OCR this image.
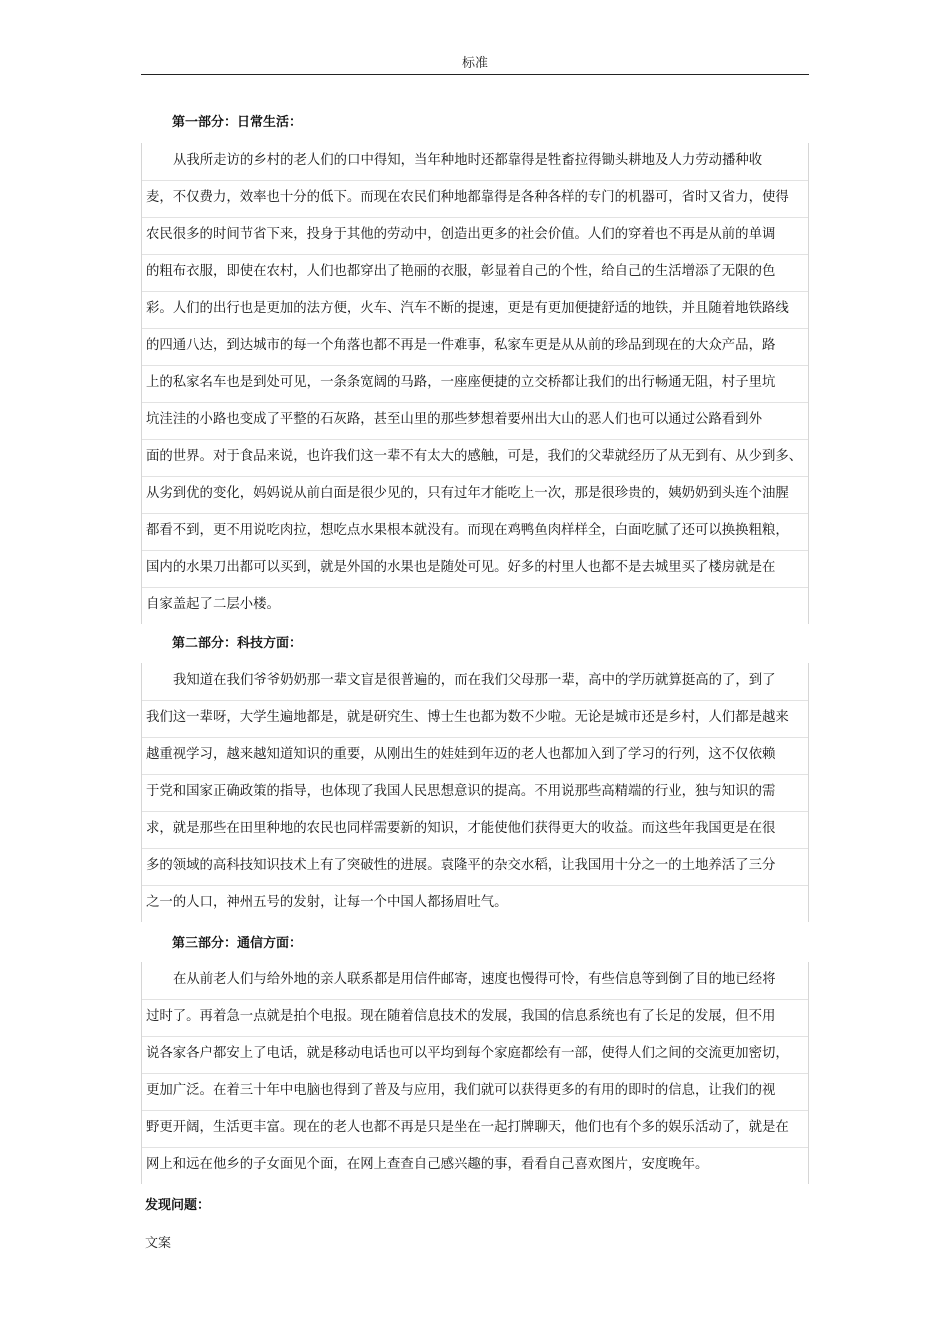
标准
第一部分：日常生活：
从我所走访的乡村的老人们的口中得知，当年种地时还都靠得是牲畜拉得锄头耕地及人力劳动播种收
麦，不仅费力，效率也十分的低下。而现在农民们种地都靠得是各种各样的专门的机器可，省时又省力，使得
农民很多的时间节省下来，投身于其他的劳动中，创造出更多的社会价值。人们的穿着也不再是从前的单调
的粗布衣服，即使在农村，人们也都穿出了艳丽的衣服，彰显着自己的个性，给自己的生活增添了无限的色
彩。人们的出行也是更加的法方便，火车、汽车不断的提速，更是有更加便捷舒适的地铁，并且随着地铁路线
的四通八达，到达城市的每一个角落也都不再是一件难事，私家车更是从从前的珍品到现在的大众产品，路
上的私家名车也是到处可见，一条条宽阔的马路，一座座便捷的立交桥都让我们的出行畅通无阻，村子里坑
坑洼洼的小路也变成了平整的石灰路，甚至山里的那些梦想着要州出大山的恶人们也可以通过公路看到外
面的世界。对于食品来说，也许我们这一辈不有太大的感触，可是，我们的父辈就经历了从无到有、从少到多、
从劣到优的变化，妈妈说从前白面是很少见的，只有过年才能吃上一次，那是很珍贵的，姨奶奶到头连个油腥
都看不到，更不用说吃肉拉，想吃点水果根本就没有。而现在鸡鸭鱼肉样样全，白面吃腻了还可以换换粗粮，
国内的水果刀出都可以买到，就是外国的水果也是随处可见。好多的村里人也都不是去城里买了楼房就是在
自家盖起了二层小楼。
第二部分：科技方面：
我知道在我们爷爷奶奶那一辈文盲是很普遍的，而在我们父母那一辈，高中的学历就算挺高的了，到了
我们这一辈呀，大学生遍地都是，就是研究生、博士生也都为数不少啦。无论是城市还是乡村，人们都是越来
越重视学习，越来越知道知识的重要，从刚出生的娃娃到年迈的老人也都加入到了学习的行列，这不仅依赖
于党和国家正确政策的指导，也体现了我国人民思想意识的提高。不用说那些高精端的行业，独与知识的需
求，就是那些在田里种地的农民也同样需要新的知识，才能使他们获得更大的收益。而这些年我国更是在很
多的领域的高科技知识技术上有了突破性的进展。袁隆平的杂交水稻，让我国用十分之一的土地养活了三分
之一的人口，神州五号的发射，让每一个中国人都扬眉吐气。
第三部分：通信方面：
在从前老人们与给外地的亲人联系都是用信件邮寄，速度也慢得可怜，有些信息等到倒了目的地已经将
过时了。再着急一点就是拍个电报。现在随着信息技术的发展，我国的信息系统也有了长足的发展，但不用
说各家各户都安上了电话，就是移动电话也可以平均到每个家庭都绘有一部，使得人们之间的交流更加密切，
更加广泛。在着三十年中电脑也得到了普及与应用，我们就可以获得更多的有用的即时的信息，让我们的视
野更开阔，生活更丰富。现在的老人也都不再是只是坐在一起打牌聊天，他们也有个多的娱乐活动了，就是在
网上和远在他乡的子女面见个面，在网上查查自己感兴趣的事，看看自己喜欢图片，安度晚年。
发现问题：
文案
